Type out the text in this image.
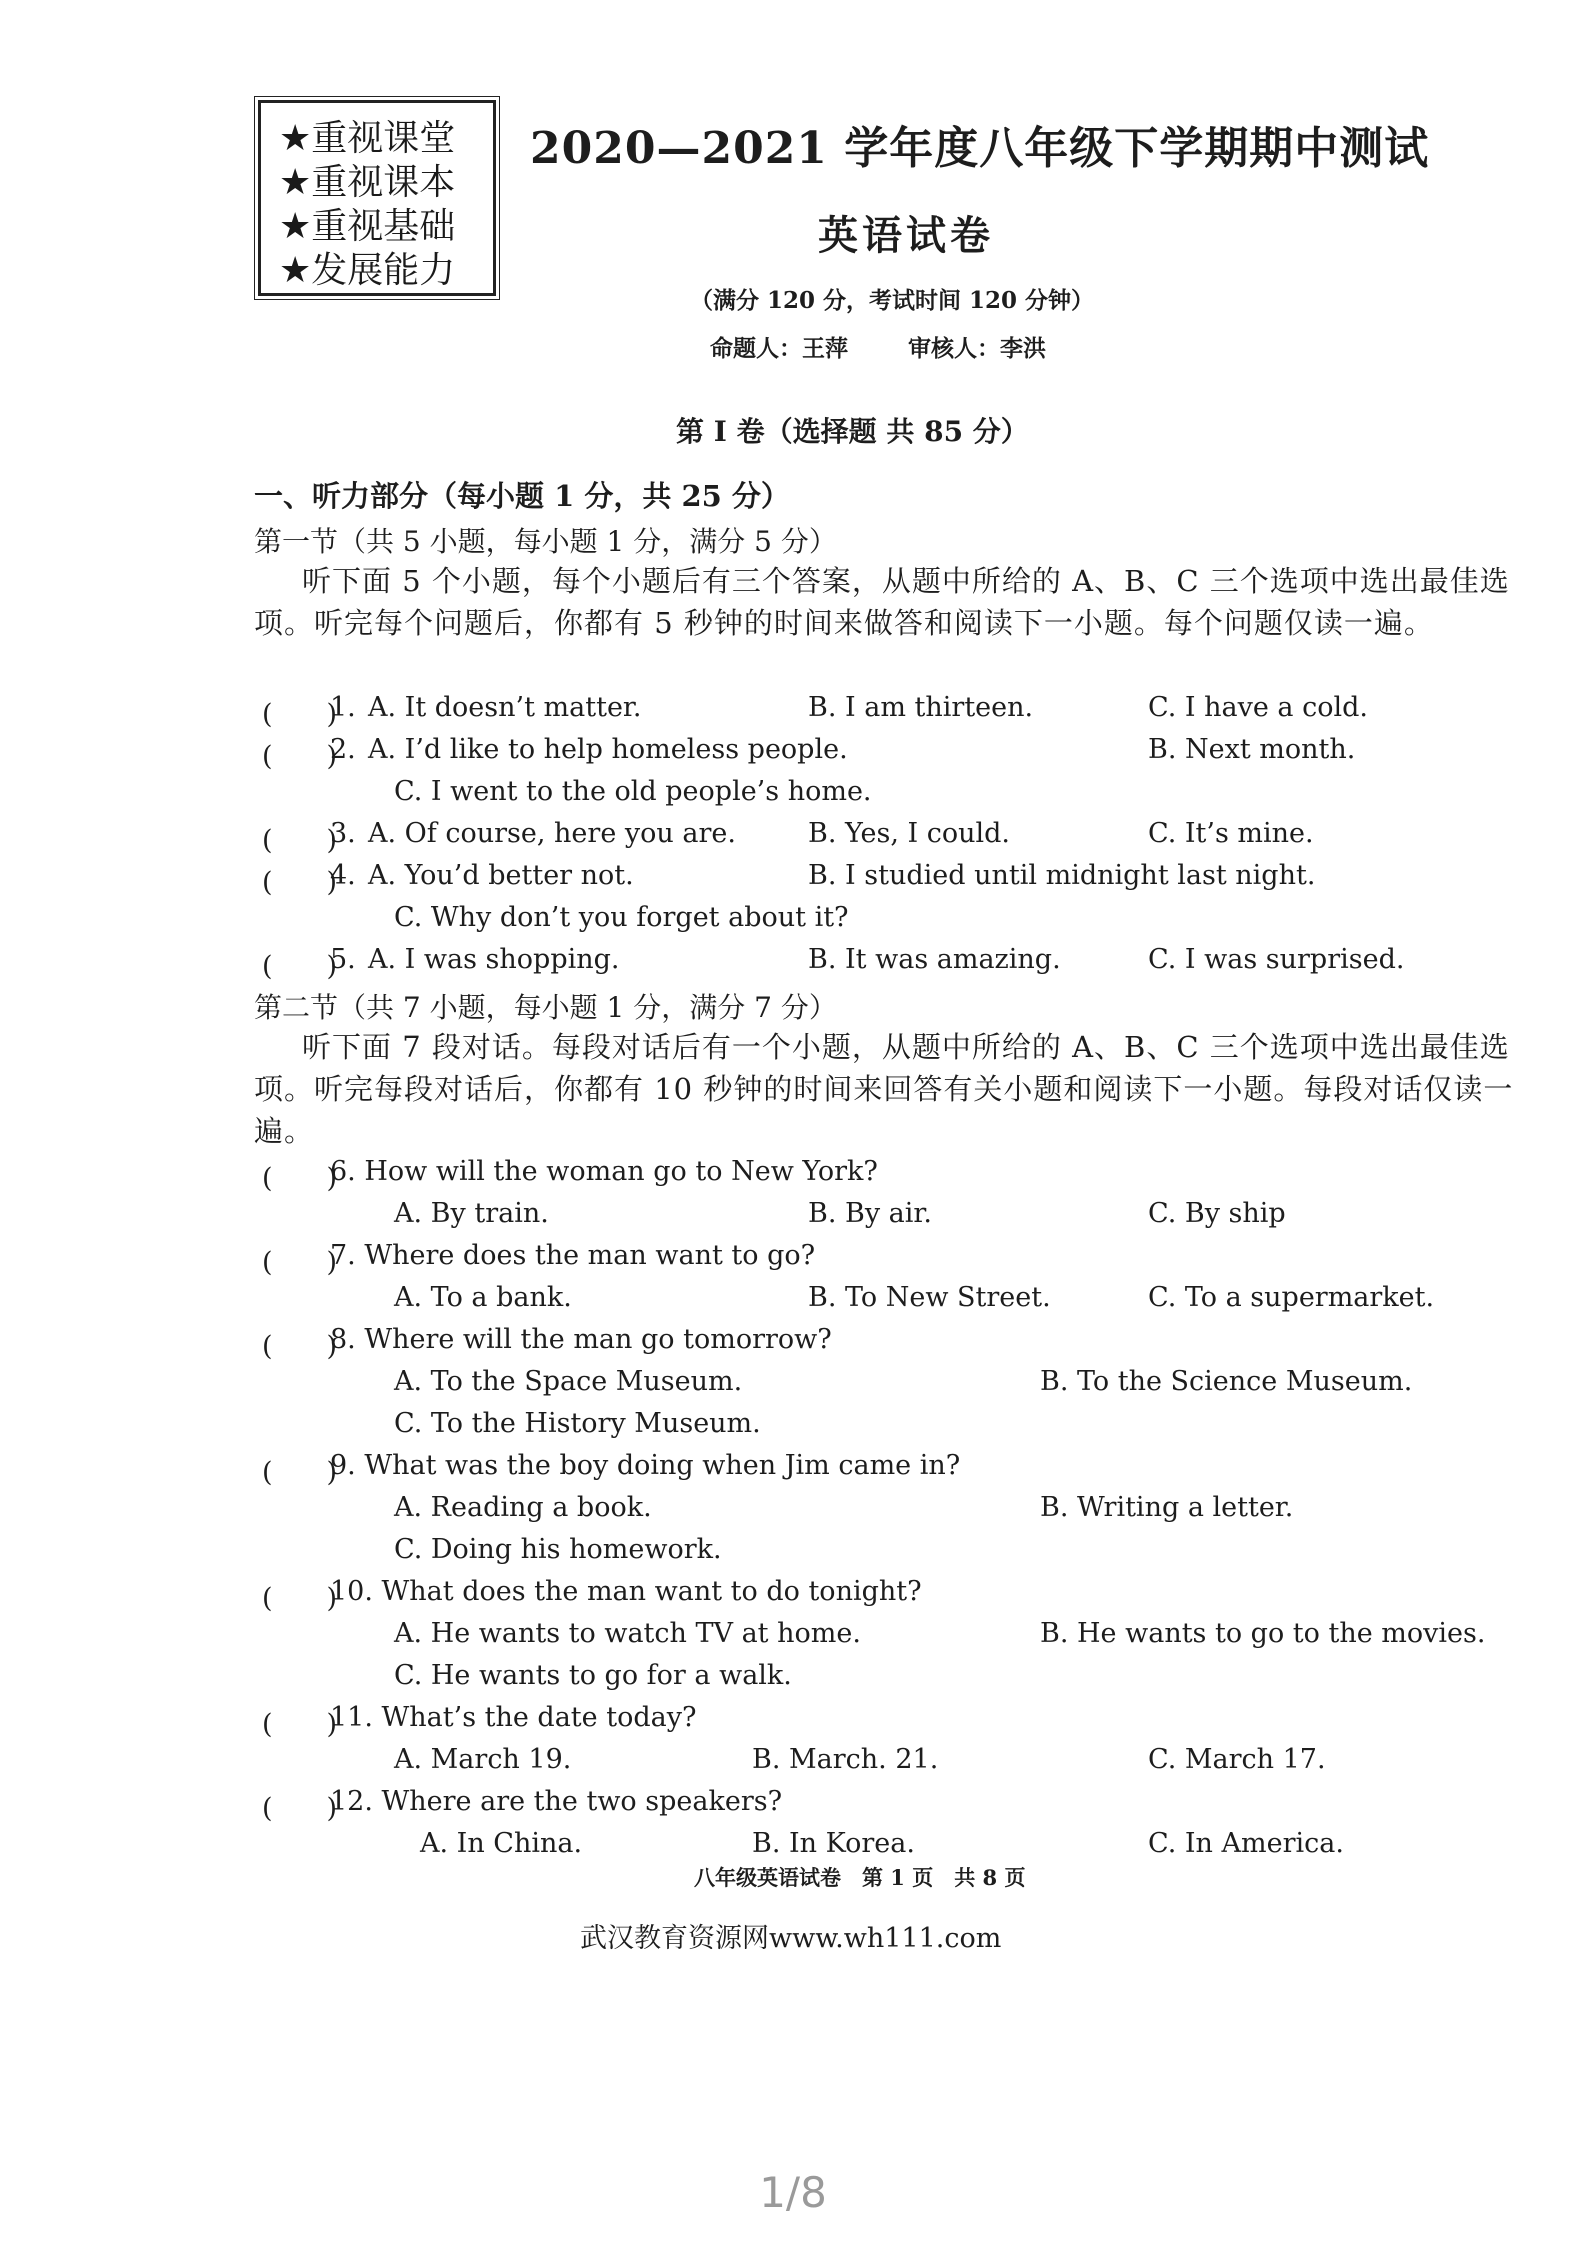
★重视课堂
★重视课本
★重视基础
★发展能力
2020—2021 学年度八年级下学期期中测试
英语试卷
（满分 120 分，考试时间 120 分钟）
命题人：王萍	审核人：李洪
第 I 卷（选择题 共 85 分）
一、听力部分（每小题 1 分，共 25 分）
第一节（共 5 小题，每小题 1 分，满分 5 分）
听下面 5 个小题，每个小题后有三个答案，从题中所给的 A、B、C 三个选项中选出最佳选项。听完每个问题后，你都有 5 秒钟的时间来做答和阅读下一小题。每个问题仅读一遍。
(　　)
1. A. It doesn’t matter.	B. I am thirteen.	C. I have a cold.
(　　)
2. A. I’d like to help homeless people.	B. Next month.
C. I went to the old people’s home.
(　　)
3. A. Of course, here you are.	B. Yes, I could.	C. It’s mine.
(　　)
4. A. You’d better not.	B. I studied until midnight last night.
C. Why don’t you forget about it?
(　　)
5. A. I was shopping.	B. It was amazing.	C. I was surprised.
第二节（共 7 小题，每小题 1 分，满分 7 分）
听下面 7 段对话。每段对话后有一个小题，从题中所给的 A、B、C 三个选项中选出最佳选项。听完每段对话后，你都有 10 秒钟的时间来回答有关小题和阅读下一小题。每段对话仅读一遍。
(　　)
6. How will the woman go to New York?
A. By train.	B. By air.	C. By ship
(　　)
7. Where does the man want to go?
A. To a bank.	B. To New Street.	C. To a supermarket.
(　　)
8. Where will the man go tomorrow?
A. To the Space Museum.	B. To the Science Museum.
C. To the History Museum.
(　　)
9. What was the boy doing when Jim came in?
A. Reading a book.	B. Writing a letter.
C. Doing his homework.
(　　)
10. What does the man want to do tonight?
A. He wants to watch TV at home.	B. He wants to go to the movies.
C. He wants to go for a walk.
(　　)
11. What’s the date today?
A. March 19.	B. March. 21.	C. March 17.
(　　)
12. Where are the two speakers?
A. In China.	B. In Korea.	C. In America.
八年级英语试卷　第 1 页　共 8 页
武汉教育资源网www.wh111.com
1/8
